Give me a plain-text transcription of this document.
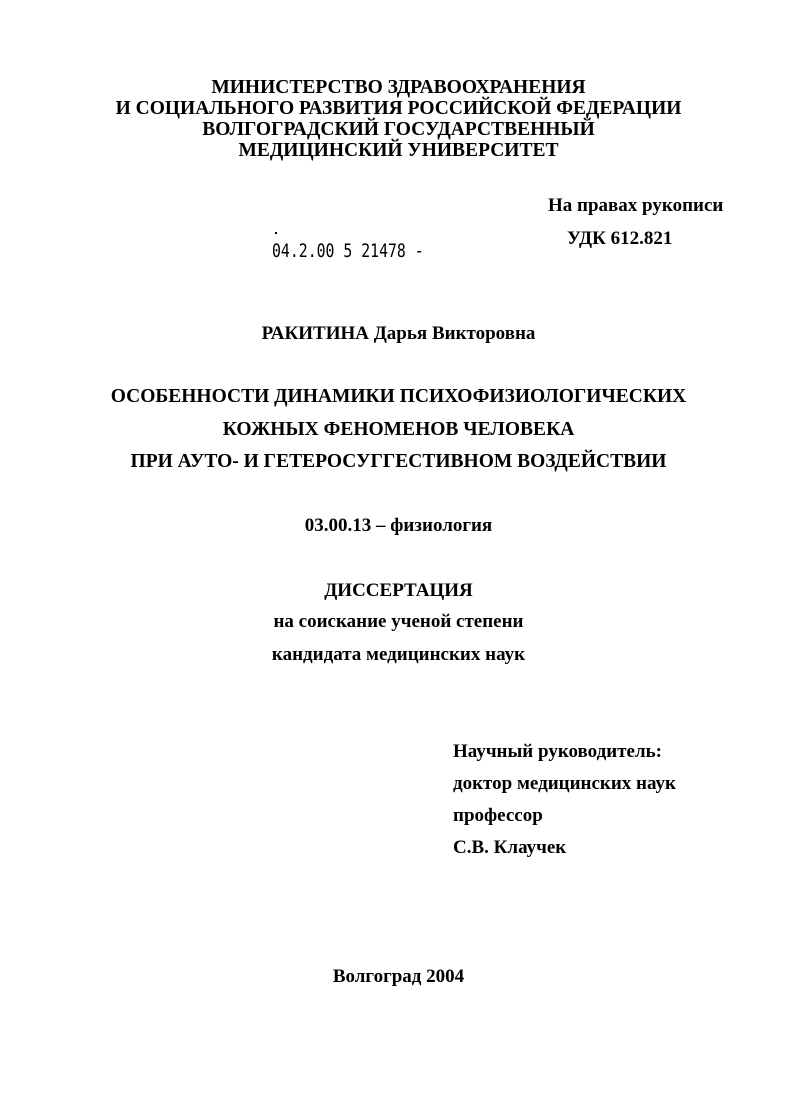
МИНИСТЕРСТВО ЗДРАВООХРАНЕНИЯ
И СОЦИАЛЬНОГО РАЗВИТИЯ РОССИЙСКОЙ ФЕДЕРАЦИИ
ВОЛГОГРАДСКИЙ ГОСУДАРСТВЕННЫЙ
МЕДИЦИНСКИЙ УНИВЕРСИТЕТ
На правах рукописи
УДК 612.821
04.2.00 5 21478 -
РАКИТИНА Дарья Викторовна
ОСОБЕННОСТИ ДИНАМИКИ ПСИХОФИЗИОЛОГИЧЕСКИХ
КОЖНЫХ ФЕНОМЕНОВ ЧЕЛОВЕКА
ПРИ АУТО- И ГЕТЕРОСУГГЕСТИВНОМ ВОЗДЕЙСТВИИ
03.00.13 – физиология
ДИССЕРТАЦИЯ
на соискание ученой степени
кандидата медицинских наук
Научный руководитель:
доктор медицинских наук
профессор
С.В. Клаучек
Волгоград 2004
